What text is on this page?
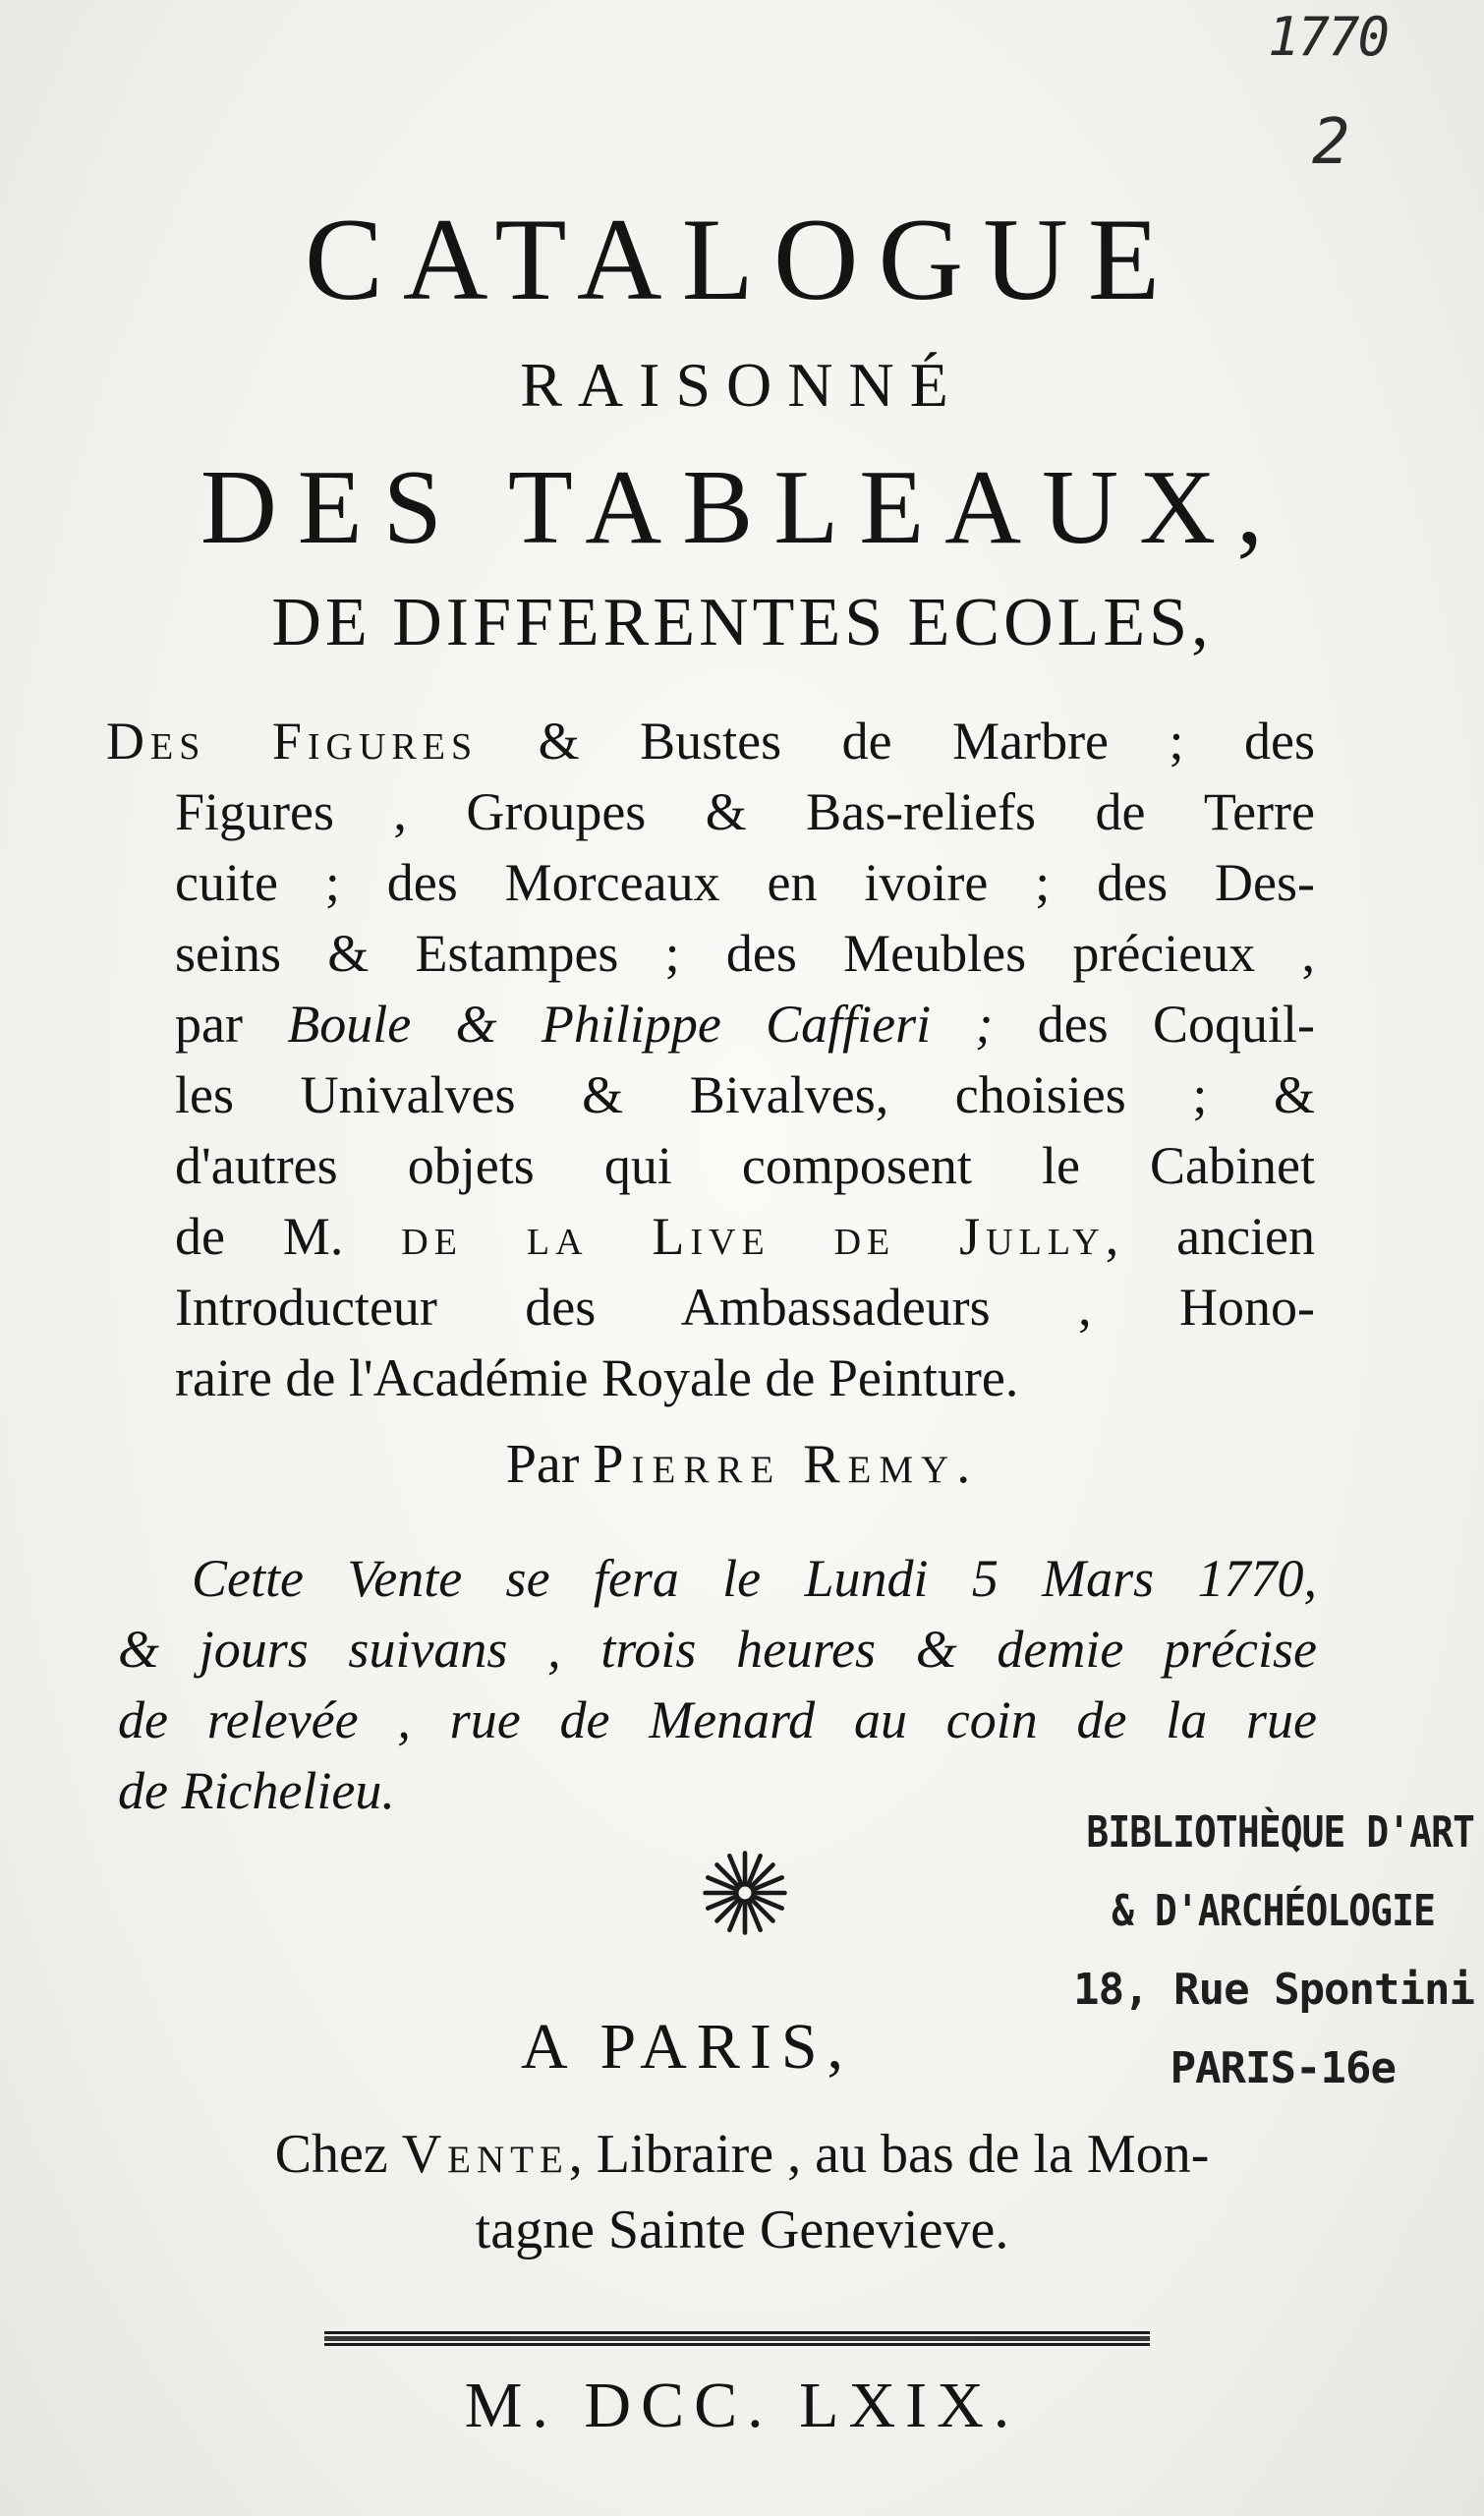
1770
2
CATALOGUE
RAISONNÉ
DES TABLEAUX,
DE DIFFERENTES ECOLES,
Des Figures & Bustes de Marbre ; des
Figures , Groupes & Bas-reliefs de Terre
cuite ; des Morceaux en ivoire ; des Des-
seins & Estampes ; des Meubles précieux ,
par Boule & Philippe Caffieri ; des Coquil-
les Univalves & Bivalves, choisies ; &
d'autres objets qui composent le Cabinet
de M. de la Live de Jully, ancien
Introducteur des Ambassadeurs , Hono-
raire de l'Académie Royale de Peinture.
Par Pierre Remy.
Cette Vente se fera le Lundi 5 Mars 1770,
& jours suivans , trois heures & demie précise
de relevée , rue de Menard au coin de la rue
de Richelieu.
BIBLIOTHÈQUE D'ART
& D'ARCHÉOLOGIE
18, Rue Spontini
PARIS-16e
A PARIS,
Chez Vente, Libraire , au bas de la Mon-
tagne Sainte Genevieve.
M. DCC. LXIX.
